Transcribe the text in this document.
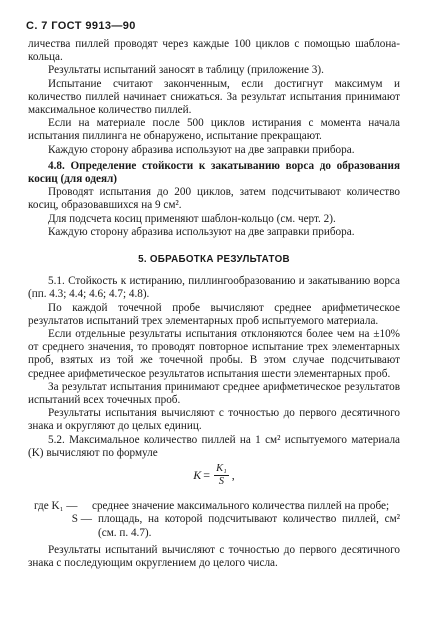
С. 7 ГОСТ 9913—90

личества пиллей проводят через каждые 100 циклов с помощью шаблона-кольца.

Результаты испытаний заносят в таблицу (приложение 3).

Испытание считают законченным, если достигнут максимум и количество пиллей начинает снижаться. За результат испытания принимают максимальное количество пиллей.

Если на материале после 500 циклов истирания с момента начала испытания пиллинга не обнаружено, испытание прекращают.

Каждую сторону абразива используют на две заправки прибора.

4.8. Определение стойкости к закатыванию ворса до образования косиц (для одеял)

Проводят испытания до 200 циклов, затем подсчитывают количество косиц, образовавшихся на 9 см².

Для подсчета косиц применяют шаблон-кольцо (см. черт. 2).

Каждую сторону абразива используют на две заправки прибора.

5. ОБРАБОТКА РЕЗУЛЬТАТОВ

5.1. Стойкость к истиранию, пиллингообразованию и закатыванию ворса (пп. 4.3; 4.4; 4.6; 4.7; 4.8).

По каждой точечной пробе вычисляют среднее арифметическое результатов испытаний трех элементарных проб испытуемого материала.

Если отдельные результаты испытания отклоняются более чем на ±10% от среднего значения, то проводят повторное испытание трех элементарных проб, взятых из той же точечной пробы. В этом случае подсчитывают среднее арифметическое результатов испытания шести элементарных проб.

За результат испытания принимают среднее арифметическое результатов испытаний всех точечных проб.

Результаты испытания вычисляют с точностью до первого десятичного знака и округляют до целых единиц.

5.2. Максимальное количество пиллей на 1 см² испытуемого материала (K) вычисляют по формуле

$K = \frac{\text{K₁}}{S}$ ,

где K₁ —	среднее значение максимального количества пиллей на пробе;

S — площадь, на которой подсчитывают количество пиллей, см² (см. п. 4.7).

Результаты испытаний вычисляют с точностью до первого десятичного знака с последующим округлением до целого числа.
